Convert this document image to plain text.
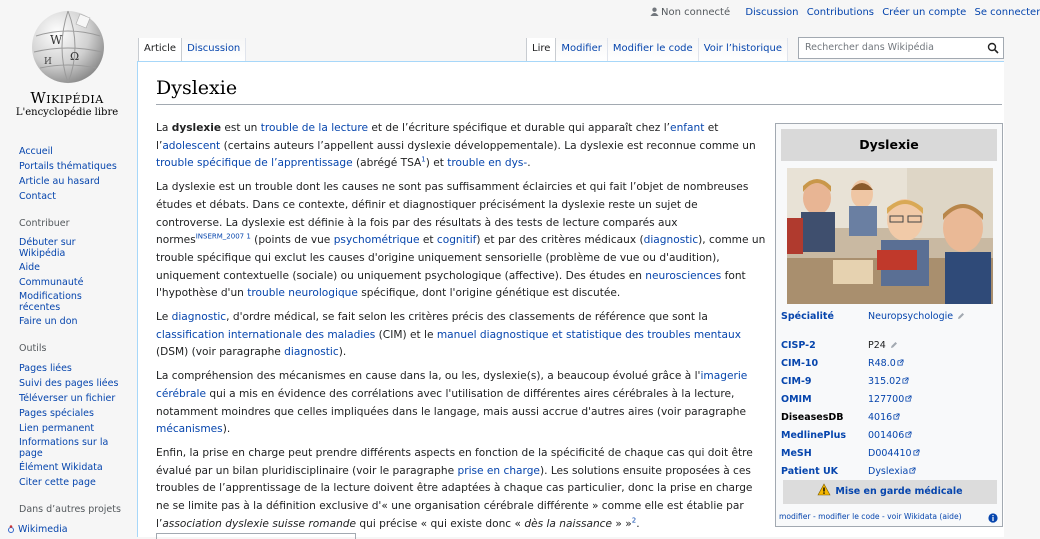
W
Ω
И
Wikipédia
L'encyclopédie libre
Non connecté Discussion Contributions Créer un compte Se connecter
Article	Discussion	Lire	Modifier	Modifier le code	Voir l’historique	Rechercher dans Wikipédia
Accueil
Portails thématiques
Article au hasard
Contact
Contribuer
Débuter sur Wikipédia
Aide
Communauté
Modifications récentes
Faire un don
Outils
Pages liées
Suivi des pages liées
Téléverser un fichier
Pages spéciales
Lien permanent
Informations sur la page
Élément Wikidata
Citer cette page
Dans d’autres projets
Wikimedia
Dyslexie

La dyslexie est un trouble de la lecture et de l’écriture spécifique et durable qui apparaît chez l’enfant et l’adolescent (certains auteurs l’appellent aussi dyslexie développementale). La dyslexie est reconnue comme un trouble spécifique de l’apprentissage (abrégé TSA$^1$) et trouble en dys-.

La dyslexie est un trouble dont les causes ne sont pas suffisamment éclaircies et qui fait l’objet de nombreuses études et débats. Dans ce contexte, définir et diagnostiquer précisément la dyslexie reste un sujet de controverse. La dyslexie est définie à la fois par des résultats à des tests de lecture comparés aux normes$^{INSERM\_2007 1}$ (points de vue psychométrique et cognitif) et par des critères médicaux (diagnostic), comme un trouble spécifique qui exclut les causes d'origine uniquement sensorielle (problème de vue ou d'audition), uniquement contextuelle (sociale) ou uniquement psychologique (affective). Des études en neurosciences font l'hypothèse d'un trouble neurologique spécifique, dont l'origine génétique est discutée.

Le diagnostic, d'ordre médical, se fait selon les critères précis des classements de référence que sont la classification internationale des maladies (CIM) et le manuel diagnostique et statistique des troubles mentaux (DSM) (voir paragraphe diagnostic).

La compréhension des mécanismes en cause dans la, ou les, dyslexie(s), a beaucoup évolué grâce à l'imagerie cérébrale qui a mis en évidence des corrélations avec l'utilisation de différentes aires cérébrales à la lecture, notamment moindres que celles impliquées dans le langage, mais aussi accrue d'autres aires (voir paragraphe mécanismes).

Enfin, la prise en charge peut prendre différents aspects en fonction de la spécificité de chaque cas qui doit être évalué par un bilan pluridisciplinaire (voir le paragraphe prise en charge). Les solutions ensuite proposées à ces troubles de l’apprentissage de la lecture doivent être adaptées à chaque cas particulier, donc la prise en charge ne se limite pas à la définition exclusive d'« une organisation cérébrale différente » comme elle est établie par l’association dyslexie suisse romande qui précise « qui existe donc « dès la naissance » »$^2$.

Dyslexie
Spécialité	Neuropsychologie
CISP-2	P24
CIM-10	R48.0
CIM-9	315.02
OMIM	127700
DiseasesDB	4016
MedlinePlus 001406
MeSH	D004410
Patient UK	Dyslexia
Mise en garde médicale
modifier - modifier le code - voir Wikidata (aide)
